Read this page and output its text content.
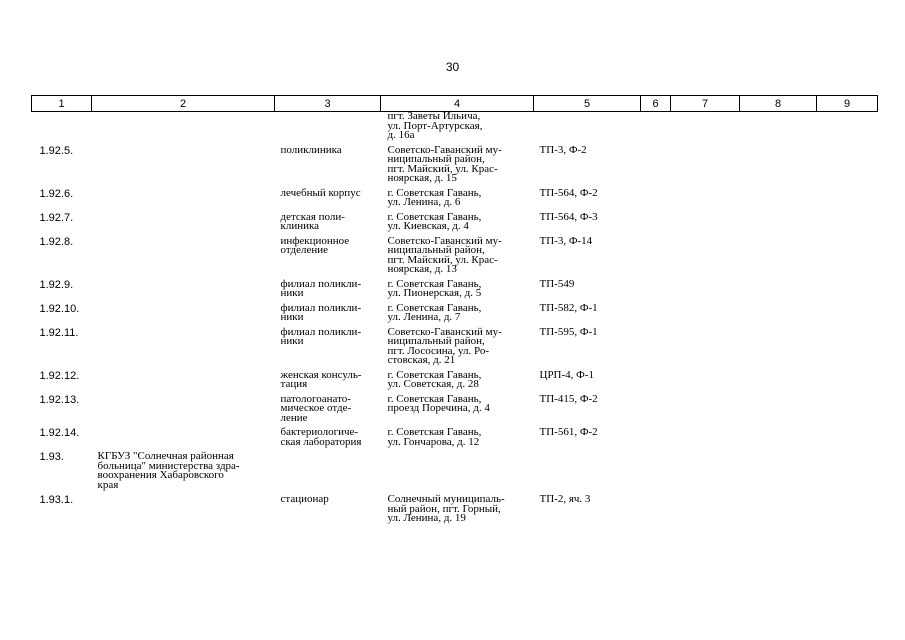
30
1	2	3	4	5	6	7	8	9

			пгт. Заветы Ильича,
ул. Порт-Артурская,
д. 16а					

1.92.5.		поликлиника	Советско-Гаванский му-
ниципальный район,
пгт. Майский, ул. Крас-
ноярская, д. 15	ТП-3, Ф-2				

1.92.6.		лечебный корпус	г. Советская Гавань,
ул. Ленина, д. 6	ТП-564, Ф-2				

1.92.7.		детская поли-
клиника	г. Советская Гавань,
ул. Киевская, д. 4	ТП-564, Ф-3				

1.92.8.		инфекционное
отделение	Советско-Гаванский му-
ниципальный район,
пгт. Майский, ул. Крас-
ноярская, д. 13	ТП-3, Ф-14				

1.92.9.		филиал поликли-
ники	г. Советская Гавань,
ул. Пионерская, д. 5	ТП-549				

1.92.10.		филиал поликли-
ники	г. Советская Гавань,
ул. Ленина, д. 7	ТП-582, Ф-1				

1.92.11.		филиал поликли-
ники	Советско-Гаванский му-
ниципальный район,
пгт. Лососина, ул. Ро-
стовская, д. 21	ТП-595, Ф-1				

1.92.12.		женская консуль-
тация	г. Советская Гавань,
ул. Советская, д. 28	ЦРП-4, Ф-1				

1.92.13.		патологоанато-
мическое отде-
ление	г. Советская Гавань,
проезд Поречина, д. 4	ТП-415, Ф-2				

1.92.14.		бактериологиче-
ская лаборатория	г. Советская Гавань,
ул. Гончарова, д. 12	ТП-561, Ф-2				

1.93.	КГБУЗ "Солнечная районная
больница" министерства здра-
воохранения Хабаровского
края							

1.93.1.		стационар	Солнечный муниципаль-
ный район, пгт. Горный,
ул. Ленина, д. 19	ТП-2, яч. 3				
